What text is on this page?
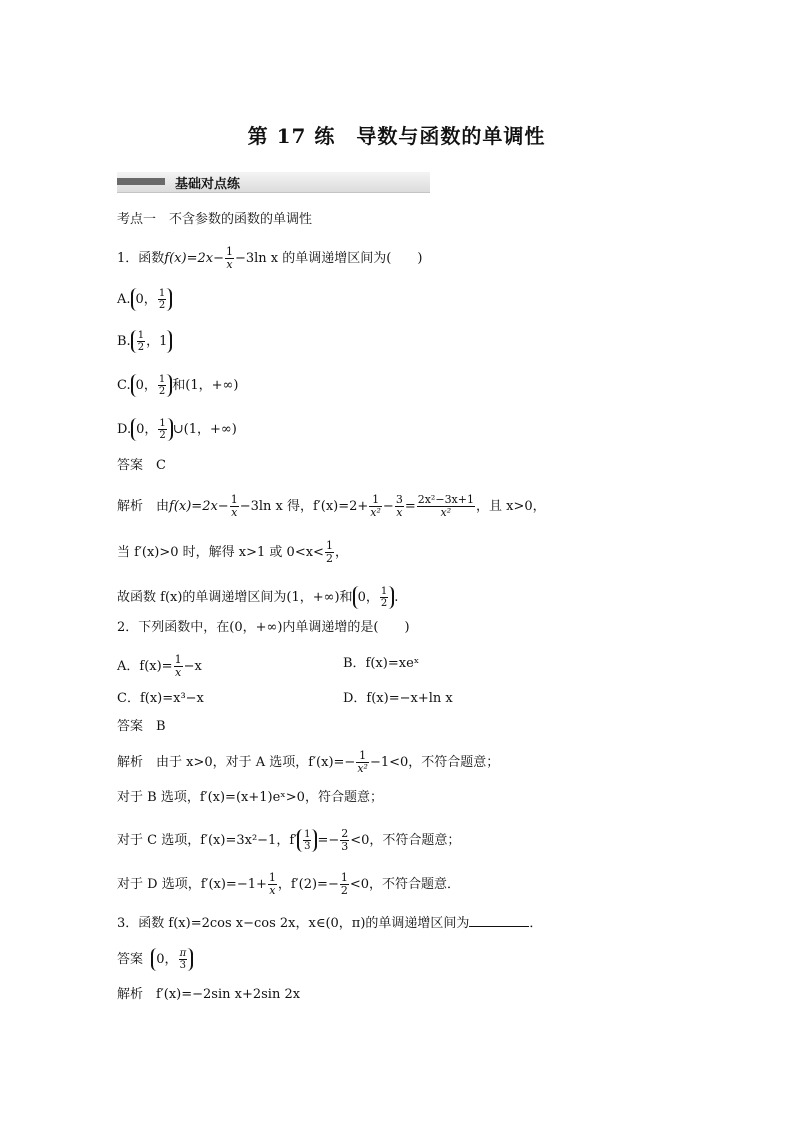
第 17 练　导数与函数的单调性
基础对点练
考点一　不含参数的函数的单调性
1．函数$f(x)=2x- \frac{1}{x} -3\ln$ x 的单调递增区间为(　　)
A. 0， $\frac{1}{2}$
B. $\frac{1}{2}$ ，1
C. 0， $\frac{1}{2}$ 和(1，+∞)
D. 0， $\frac{1}{2}$ ∪(1，+∞)
答案　C
解析　由$f(x)=2x- \frac{1}{x} -3\ln$ x 得，$f'(x)=2+ \frac{1}{\text{x²}} - \frac{3}{x} = \frac{\text{2x²−3x+1}}{\text{x²}}$ ，且 x>0，
当 f′(x)>0 时，解得 x>1 或 $0<x< \frac{1}{2}$ ，
故函数 f(x)的单调递增区间为(1，+∞)和 0， $\frac{1}{2}$ .
2．下列函数中，在(0，+∞)内单调递增的是(　　)
A．$f(x)= \frac{1}{x} -x$	B．f(x)=xeˣ
C．f(x)=x³−x	D．f(x)=−x+ln x
答案　B
解析　由于 x>0，对于 A 选项，$f'(x)=- \frac{1}{\text{x²}} -1<0$，不符合题意；
对于 B 选项，f′(x)=(x+1)eˣ>0，符合题意；
对于 C 选项，f′(x)=3x²−1，$f' \frac{1}{3} =- \frac{2}{3} <0$，不符合题意；
对于 D 选项，$f'(x)=-1+ \frac{1}{x}$ ，$f'(2)=- \frac{1}{2} <0$，不符合题意．
3．函数 f(x)=2cos x−cos 2x，x∈(0，π)的单调递增区间为	．
答案 0， $\frac{\pi}{3}$
解析　f′(x)=−2sin x+2sin 2x
